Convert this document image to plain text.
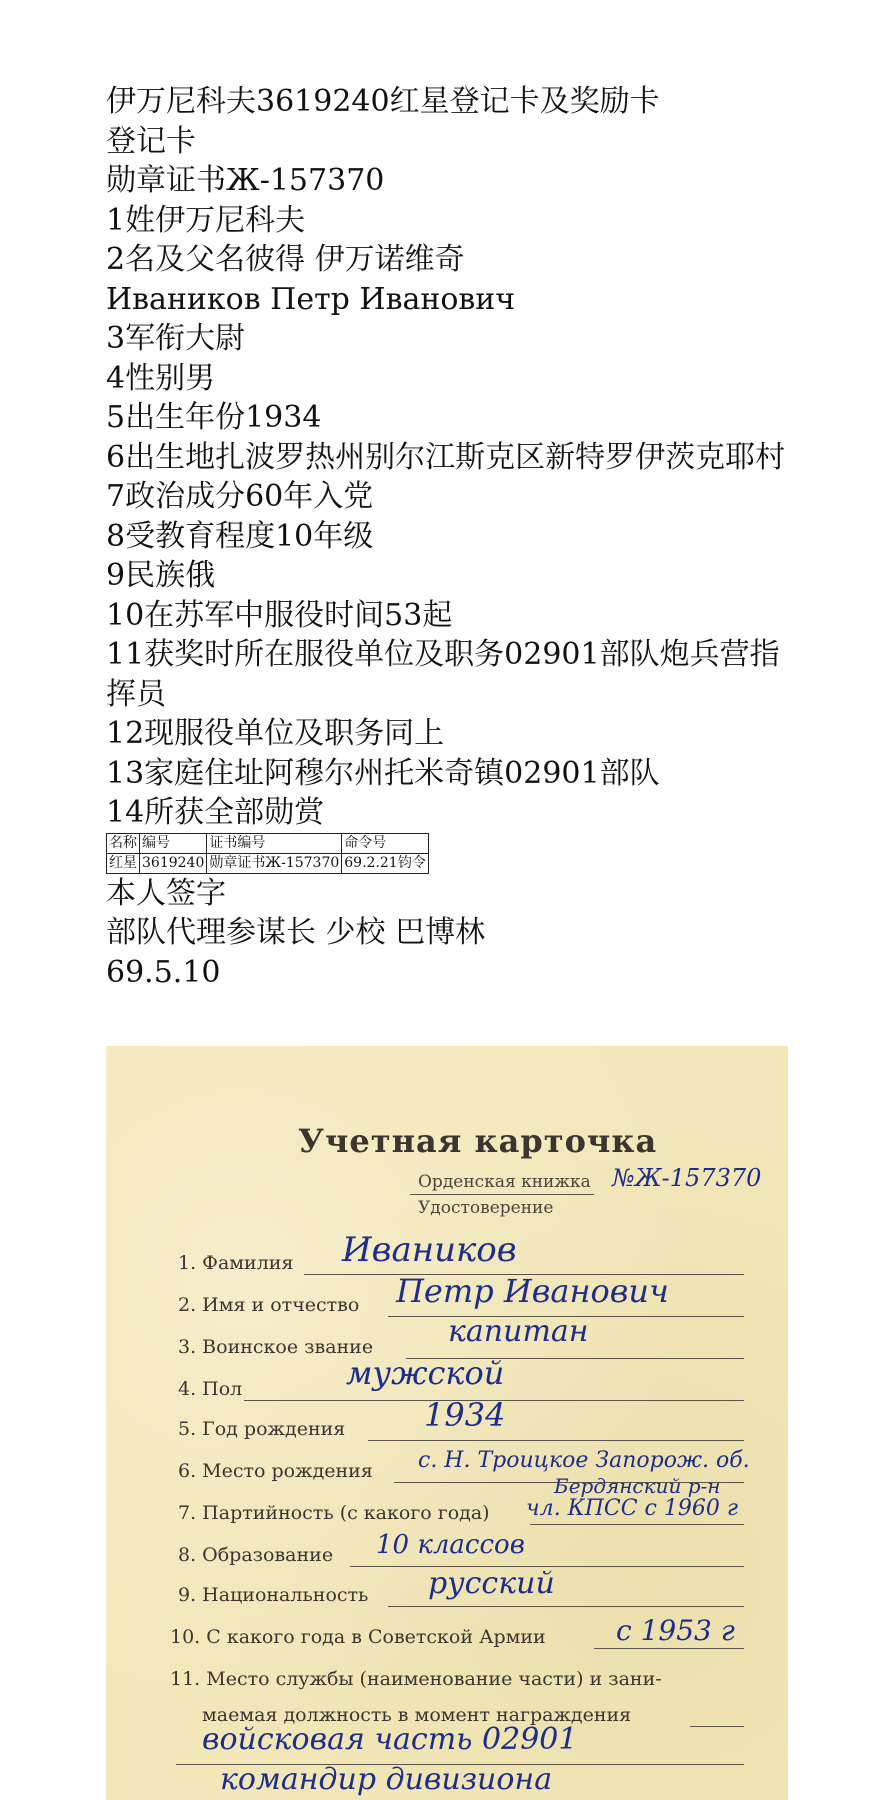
伊万尼科夫3619240红星登记卡及奖励卡
登记卡
勋章证书Ж-157370
1姓伊万尼科夫
2名及父名彼得 伊万诺维奇
Иваников Петр Иванович
3军衔大尉
4性别男
5出生年份1934
6出生地扎波罗热州别尔江斯克区新特罗伊茨克耶村
7政治成分60年入党
8受教育程度10年级
9民族俄
10在苏军中服役时间53起
11获奖时所在服役单位及职务02901部队炮兵营指挥员
12现服役单位及职务同上
13家庭住址阿穆尔州托米奇镇02901部队
14所获全部勋赏
名称	编号	证书编号	命令号
红星	3619240	勋章证书Ж-157370	69.2.21钧令
本人签字
部队代理参谋长 少校 巴博林
69.5.10
Учетная карточка
Орденская книжка
Удостоверение
№Ж-157370
1. Фамилия Иваников
2. Имя и отчество Петр Иванович
3. Воинское звание капитан
4. Пол	мужской
5. Год рождения 1934
6. Место рождения с. Н. Троицкое Запорож. об.
Бердянский р-н
7. Партийность (с какого года) чл. КПСС с 1960 г
8. Образование 10 классов
9. Национальность русский
10. С какого года в Советской Армии	с 1953 г
11. Место службы (наименование части) и зани-
маемая должность в момент награждения
войсковая часть 02901
командир дивизиона
